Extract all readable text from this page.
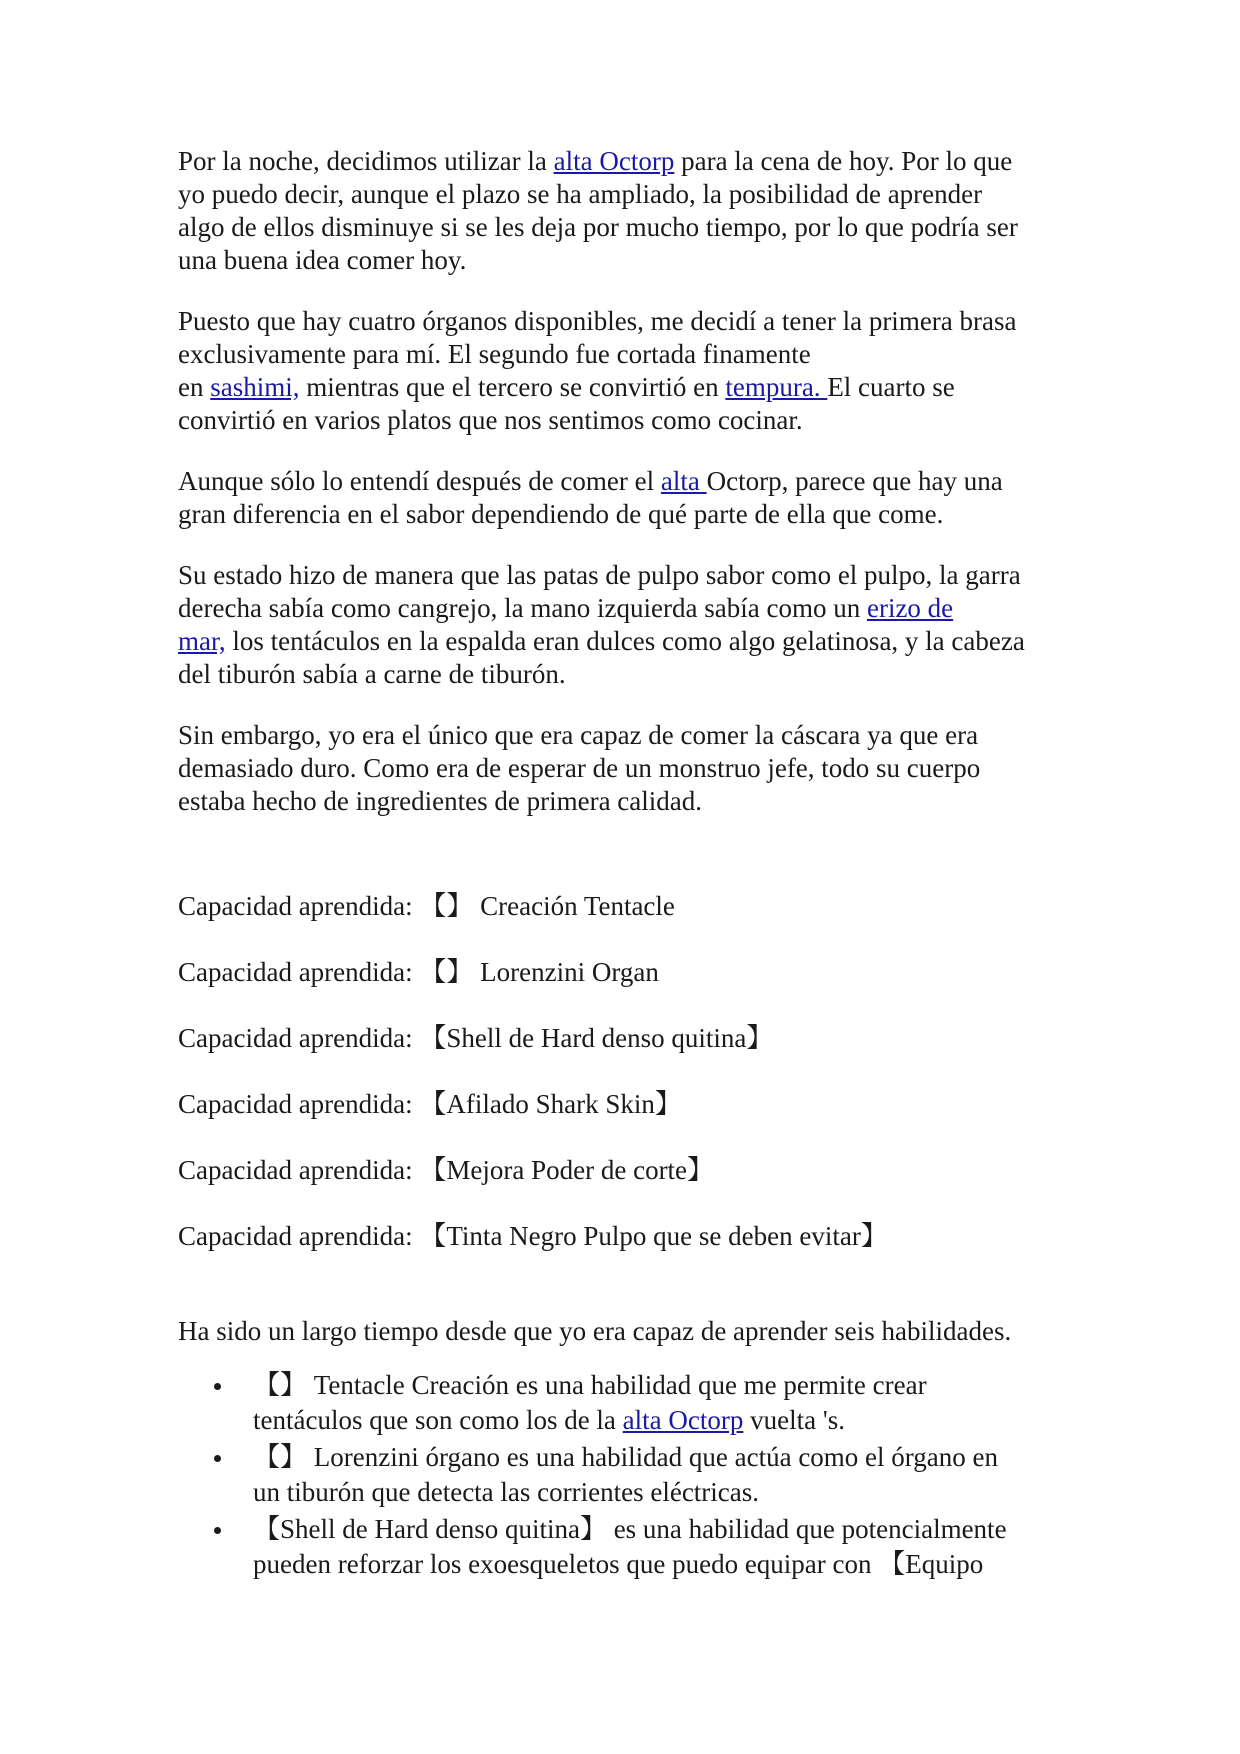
Por la noche, decidimos utilizar la alta Octorp para la cena de hoy. Por lo que
yo puedo decir, aunque el plazo se ha ampliado, la posibilidad de aprender
algo de ellos disminuye si se les deja por mucho tiempo, por lo que podría ser
una buena idea comer hoy.

Puesto que hay cuatro órganos disponibles, me decidí a tener la primera brasa
exclusivamente para mí. El segundo fue cortada finamente
en sashimi, mientras que el tercero se convirtió en tempura. El cuarto se
convirtió en varios platos que nos sentimos como cocinar.

Aunque sólo lo entendí después de comer el alta Octorp, parece que hay una
gran diferencia en el sabor dependiendo de qué parte de ella que come.

Su estado hizo de manera que las patas de pulpo sabor como el pulpo, la garra
derecha sabía como cangrejo, la mano izquierda sabía como un erizo de
mar, los tentáculos en la espalda eran dulces como algo gelatinosa, y la cabeza
del tiburón sabía a carne de tiburón.

Sin embargo, yo era el único que era capaz de comer la cáscara ya que era
demasiado duro. Como era de esperar de un monstruo jefe, todo su cuerpo
estaba hecho de ingredientes de primera calidad.

Capacidad aprendida: 【】 Creación Tentacle

Capacidad aprendida: 【】 Lorenzini Organ

Capacidad aprendida: 【Shell de Hard denso quitina】

Capacidad aprendida: 【Afilado Shark Skin】

Capacidad aprendida: 【Mejora Poder de corte】

Capacidad aprendida: 【Tinta Negro Pulpo que se deben evitar】

Ha sido un largo tiempo desde que yo era capaz de aprender seis habilidades.

【】 Tentacle Creación es una habilidad que me permite crear
tentáculos que son como los de la alta Octorp vuelta 's.
【】 Lorenzini órgano es una habilidad que actúa como el órgano en
un tiburón que detecta las corrientes eléctricas.
【Shell de Hard denso quitina】 es una habilidad que potencialmente
pueden reforzar los exoesqueletos que puedo equipar con 【Equipo
